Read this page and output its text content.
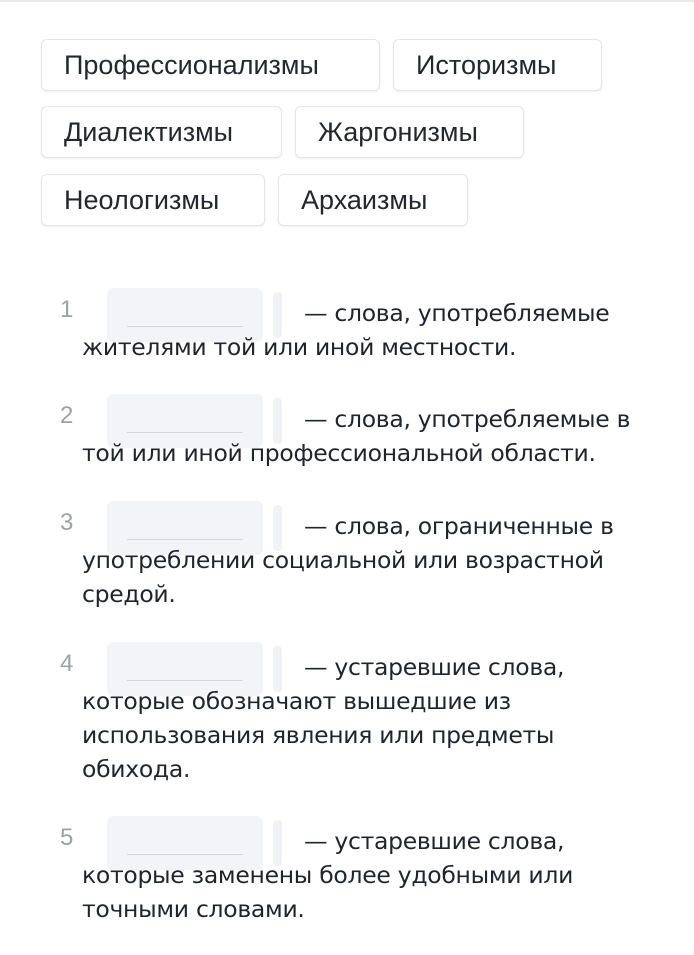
Профессионализмы	Историзмы
Диалектизмы	Жаргонизмы
Неологизмы	Архаизмы
1	— слова, употребляемые жителями той или иной местности.

2	— слова, употребляемые в той или иной профессиональной области.

3	— слова, ограниченные в употреблении социальной или возрастной средой.

4	— устаревшие слова, которые обозначают вышедшие из использования явления или предметы обихода.

5	— устаревшие слова, которые заменены более удобными или точными словами.
